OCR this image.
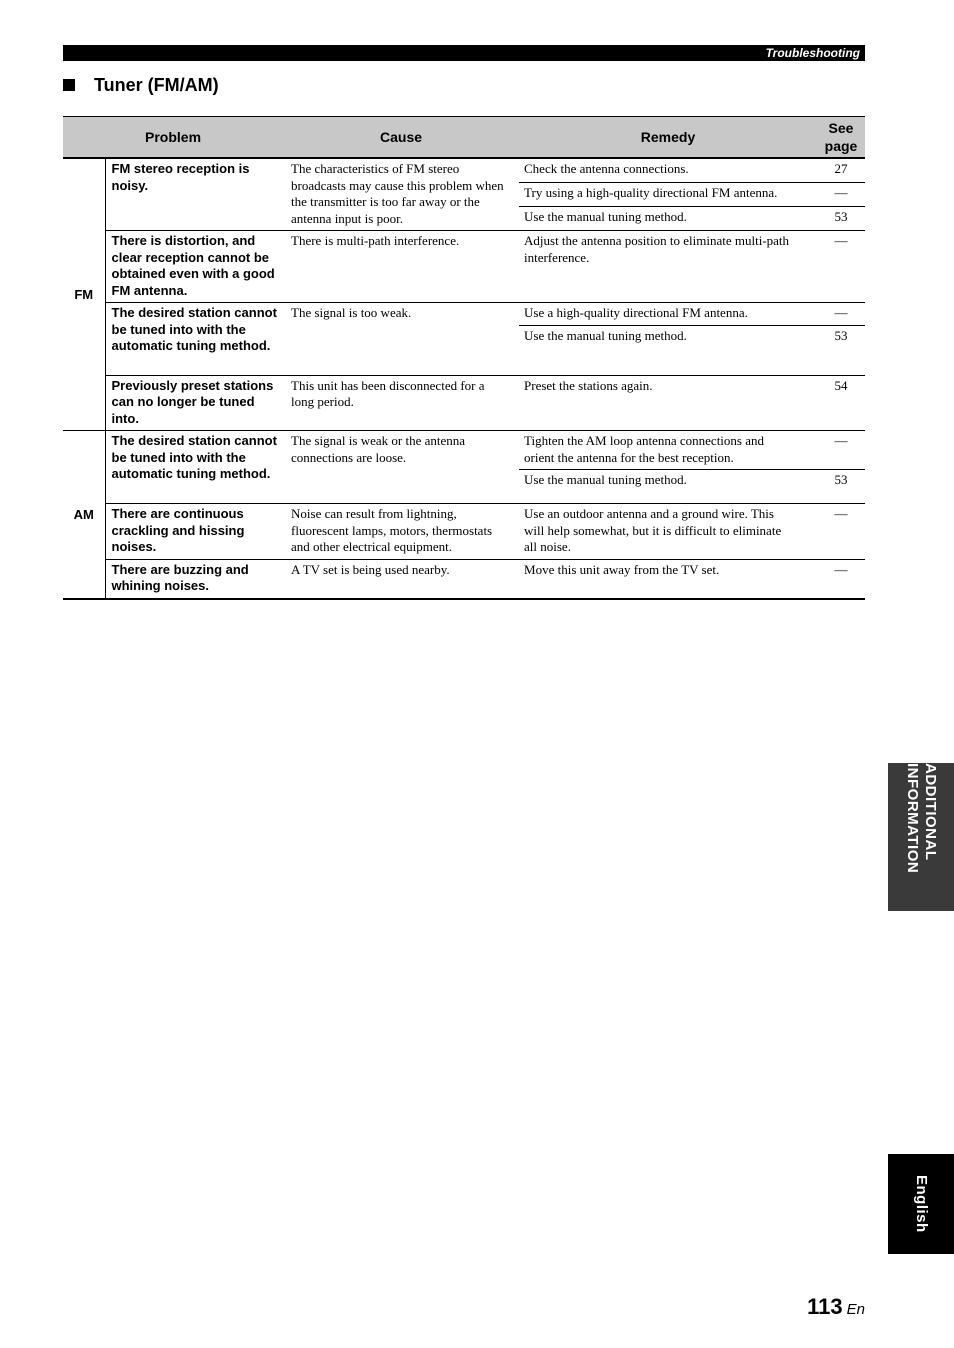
Troubleshooting
Tuner (FM/AM)
Problem		Cause	Remedy	See page
FM	FM stereo reception is noisy.	The characteristics of FM stereo broadcasts may cause this problem when the transmitter is too far away or the antenna input is poor.	Check the antenna connections.	27
			Try using a high-quality directional FM antenna.	—
			Use the manual tuning method.	53
	There is distortion, and clear reception cannot be obtained even with a good FM antenna.	There is multi-path interference.	Adjust the antenna position to eliminate multi-path interference.	—
	The desired station cannot be tuned into with the automatic tuning method.	The signal is too weak.	Use a high-quality directional FM antenna.	—
			Use the manual tuning method.	53
	Previously preset stations can no longer be tuned into.	This unit has been disconnected for a long period.	Preset the stations again.	54
AM	The desired station cannot be tuned into with the automatic tuning method.	The signal is weak or the antenna connections are loose.	Tighten the AM loop antenna connections and orient the antenna for the best reception.	—
			Use the manual tuning method.	53
	There are continuous crackling and hissing noises.	Noise can result from lightning, fluorescent lamps, motors, thermostats and other electrical equipment.	Use an outdoor antenna and a ground wire. This will help somewhat, but it is difficult to eliminate all noise.	—
	There are buzzing and whining noises.	A TV set is being used nearby.	Move this unit away from the TV set.	—
ADDITIONAL INFORMATION
English
113 En
